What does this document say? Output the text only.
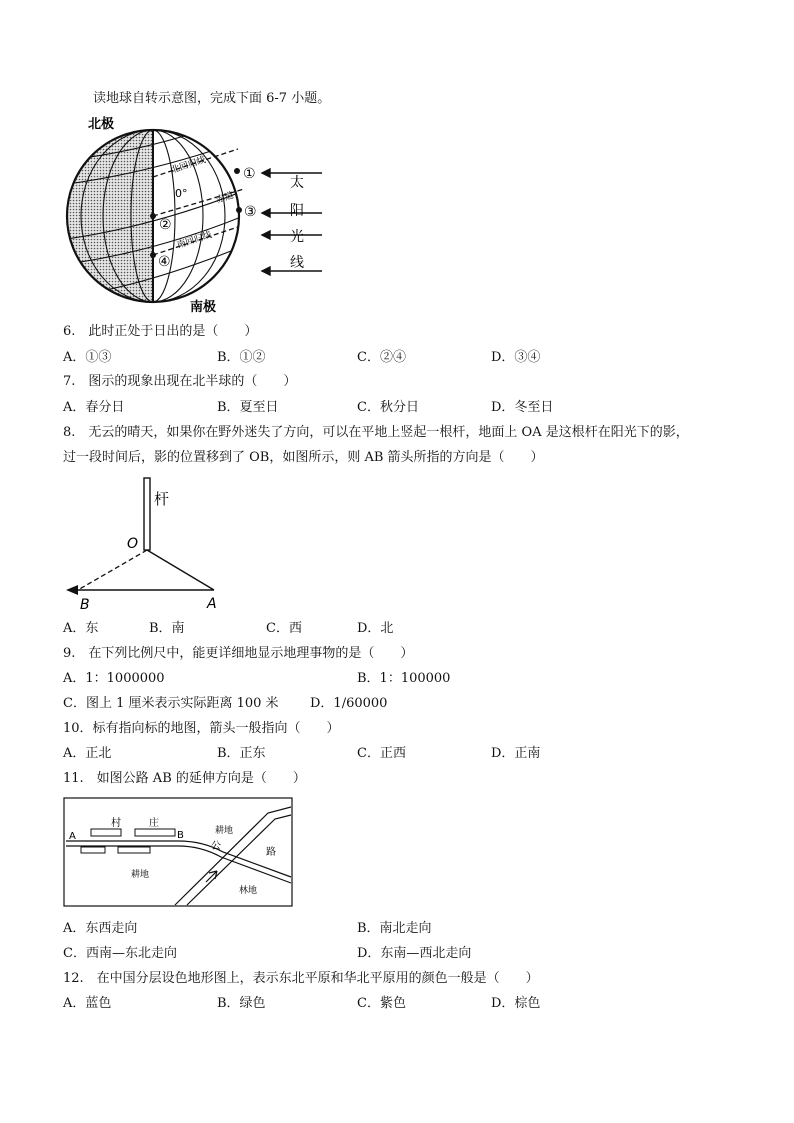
读地球自转示意图，完成下面 6-7 小题。
北极
南极
北回归线
0°	赤道
南回归线
①
②
③
④
太
阳
光
线
6.　此时正处于日出的是（　　）
A．①③	B．①②	C．②④	D．③④
7.　图示的现象出现在北半球的（　　）
A．春分日	B．夏至日	C．秋分日	D．冬至日
8.　无云的晴天，如果你在野外迷失了方向，可以在平地上竖起一根杆，地面上 OA 是这根杆在阳光下的影，
过一段时间后，影的位置移到了 OB，如图所示，则 AB 箭头所指的方向是（　　）
杆
O
B	A
A．东	B．南	C．西	D．北
9.　在下列比例尺中，能更详细地显示地理事物的是（　　）
A．1：1000000	B．1：100000
C．图上 1 厘米表示实际距离 100 米 D．1/60000
10．标有指向标的地图，箭头一般指向（　　）
A．正北	B．正东	C．正西	D．正南
11.　如图公路 AB 的延伸方向是（　　）
村	庄
A	B	耕地
公
路
耕地
林地
A．东西走向	B．南北走向
C．西南—东北走向	D．东南—西北走向
12.　在中国分层设色地形图上，表示东北平原和华北平原用的颜色一般是（　　）
A．蓝色	B．绿色	C．紫色	D．棕色
